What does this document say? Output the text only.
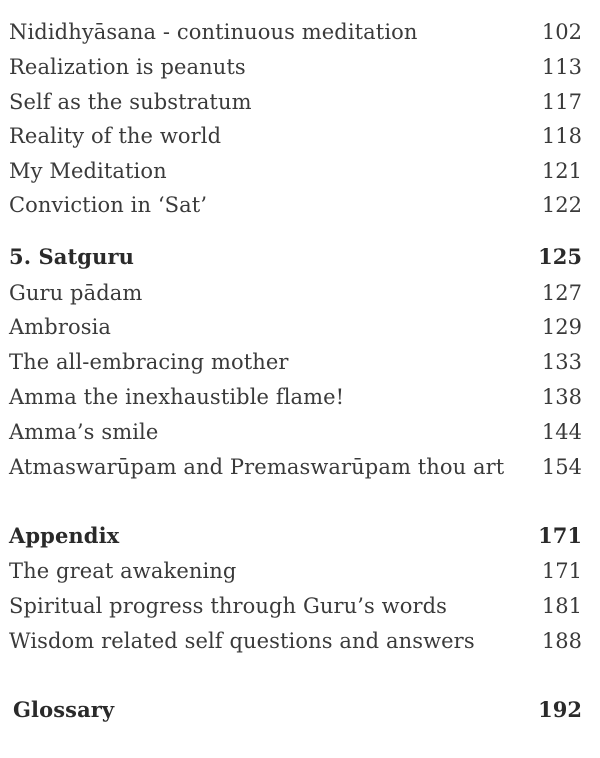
Nididhyāsana - continuous meditation	102
Realization is peanuts	113
Self as the substratum	117
Reality of the world	118
My Meditation	121
Conviction in ‘Sat’	122
5. Satguru	125
Guru pādam	127
Ambrosia	129
The all-embracing mother	133
Amma the inexhaustible flame!	138
Amma’s smile	144
Atmaswarūpam and Premaswarūpam thou art 154
Appendix	171
The great awakening	171
Spiritual progress through Guru’s words	181
Wisdom related self questions and answers	188
Glossary	192
